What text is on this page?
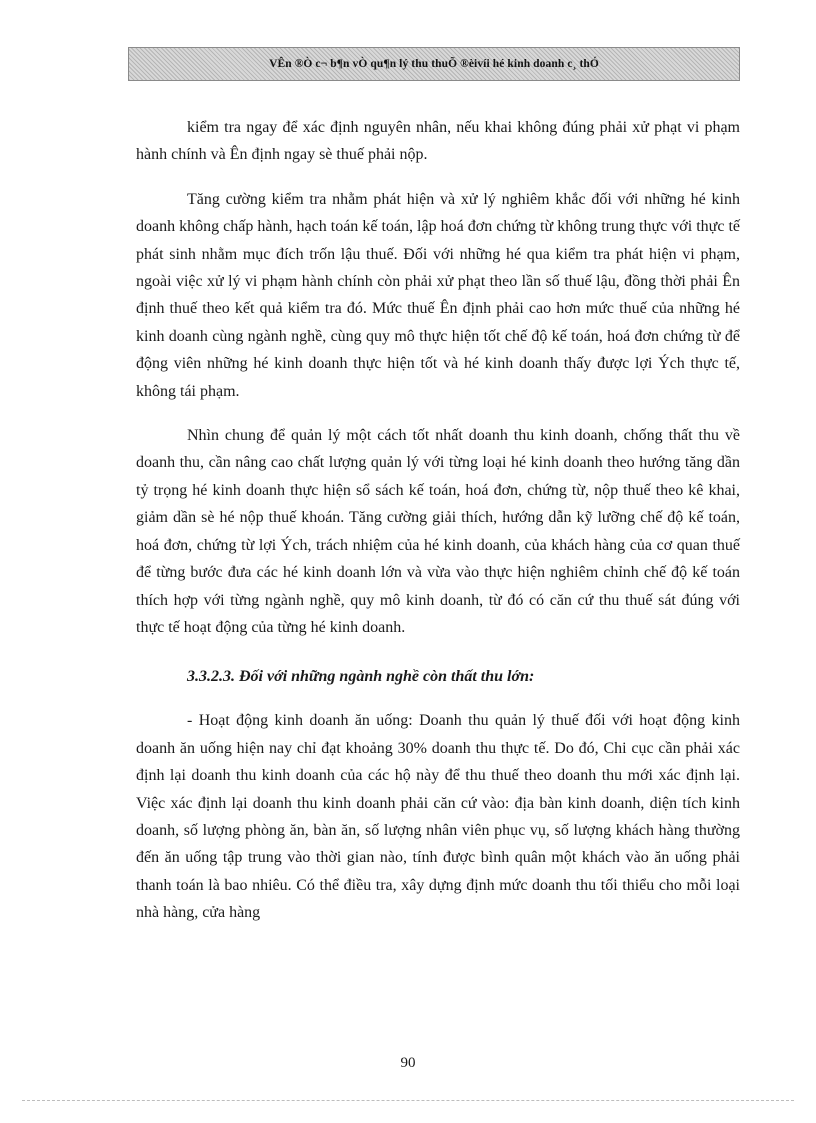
VÊn ®Ò c¬ b¶n vÒ qu¶n lý thu thuÕ ®èivíi hé kinh doanh c¸ thÓ

kiểm tra ngay để xác định nguyên nhân, nếu khai không đúng phải xử phạt vi phạm hành chính và Ên định ngay sè thuế phải nộp.

Tăng cường kiểm tra nhằm phát hiện và xử lý nghiêm khắc đối với những hé kinh doanh không chấp hành, hạch toán kế toán, lập hoá đơn chứng từ không trung thực với thực tế phát sinh nhằm mục đích trốn lậu thuế. Đối với những hé qua kiểm tra phát hiện vi phạm, ngoài việc xử lý vi phạm hành chính còn phải xử phạt theo lần số thuế lậu, đồng thời phải Ên định thuế theo kết quả kiểm tra đó. Mức thuế Ên định phải cao hơn mức thuế của những hé kinh doanh cùng ngành nghề, cùng quy mô thực hiện tốt chế độ kế toán, hoá đơn chứng từ để động viên những hé kinh doanh thực hiện tốt và hé kinh doanh thấy được lợi Ých thực tế, không tái phạm.

Nhìn chung để quản lý một cách tốt nhất doanh thu kinh doanh, chống thất thu về doanh thu, cần nâng cao chất lượng quản lý với từng loại hé kinh doanh theo hướng tăng dần tỷ trọng hé kinh doanh thực hiện sổ sách kế toán, hoá đơn, chứng từ, nộp thuế theo kê khai, giảm dần sè hé nộp thuế khoán. Tăng cường giải thích, hướng dẫn kỹ lưỡng chế độ kế toán, hoá đơn, chứng từ lợi Ých, trách nhiệm của hé kinh doanh, của khách hàng của cơ quan thuế để từng bước đưa các hé kinh doanh lớn và vừa vào thực hiện nghiêm chỉnh chế độ kế toán thích hợp với từng ngành nghề, quy mô kinh doanh, từ đó có căn cứ thu thuế sát đúng với thực tế hoạt động của từng hé kinh doanh.

3.3.2.3. Đối với những ngành nghề còn thất thu lớn:

- Hoạt động kinh doanh ăn uống: Doanh thu quản lý thuế đối với hoạt động kinh doanh ăn uống hiện nay chỉ đạt khoảng 30% doanh thu thực tế. Do đó, Chi cục cần phải xác định lại doanh thu kinh doanh của các hộ này để thu thuế theo doanh thu mới xác định lại. Việc xác định lại doanh thu kinh doanh phải căn cứ vào: địa bàn kinh doanh, diện tích kinh doanh, số lượng phòng ăn, bàn ăn, số lượng nhân viên phục vụ, số lượng khách hàng thường đến ăn uống tập trung vào thời gian nào, tính được bình quân một khách vào ăn uống phải thanh toán là bao nhiêu. Có thể điều tra, xây dựng định mức doanh thu tối thiểu cho mỗi loại nhà hàng, cửa hàng

90
